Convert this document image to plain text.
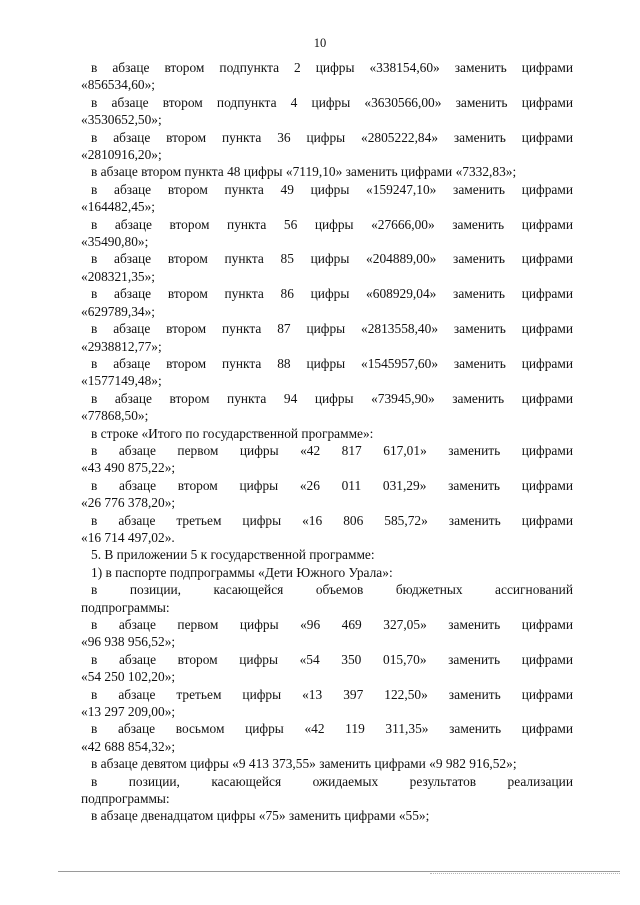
10
в абзаце втором подпункта 2 цифры «338154,60» заменить цифрами
«856534,60»;
в абзаце втором подпункта 4 цифры «3630566,00» заменить цифрами
«3530652,50»;
в абзаце втором пункта 36 цифры «2805222,84» заменить цифрами
«2810916,20»;
в абзаце втором пункта 48 цифры «7119,10» заменить цифрами «7332,83»;
в абзаце втором пункта 49 цифры «159247,10» заменить цифрами
«164482,45»;
в абзаце втором пункта 56 цифры «27666,00» заменить цифрами
«35490,80»;
в абзаце втором пункта 85 цифры «204889,00» заменить цифрами
«208321,35»;
в абзаце втором пункта 86 цифры «608929,04» заменить цифрами
«629789,34»;
в абзаце втором пункта 87 цифры «2813558,40» заменить цифрами
«2938812,77»;
в абзаце втором пункта 88 цифры «1545957,60» заменить цифрами
«1577149,48»;
в абзаце втором пункта 94 цифры «73945,90» заменить цифрами
«77868,50»;
в строке «Итого по государственной программе»:
в абзаце первом цифры «42 817 617,01» заменить цифрами
«43 490 875,22»;
в абзаце втором цифры «26 011 031,29» заменить цифрами
«26 776 378,20»;
в абзаце третьем цифры «16 806 585,72» заменить цифрами
«16 714 497,02».
5. В приложении 5 к государственной программе:
1) в паспорте подпрограммы «Дети Южного Урала»:
в позиции, касающейся объемов бюджетных ассигнований
подпрограммы:
в абзаце первом цифры «96 469 327,05» заменить цифрами
«96 938 956,52»;
в абзаце втором цифры «54 350 015,70» заменить цифрами
«54 250 102,20»;
в абзаце третьем цифры «13 397 122,50» заменить цифрами
«13 297 209,00»;
в абзаце восьмом цифры «42 119 311,35» заменить цифрами
«42 688 854,32»;
в абзаце девятом цифры «9 413 373,55» заменить цифрами «9 982 916,52»;
в позиции, касающейся ожидаемых результатов реализации
подпрограммы:
в абзаце двенадцатом цифры «75» заменить цифрами «55»;
